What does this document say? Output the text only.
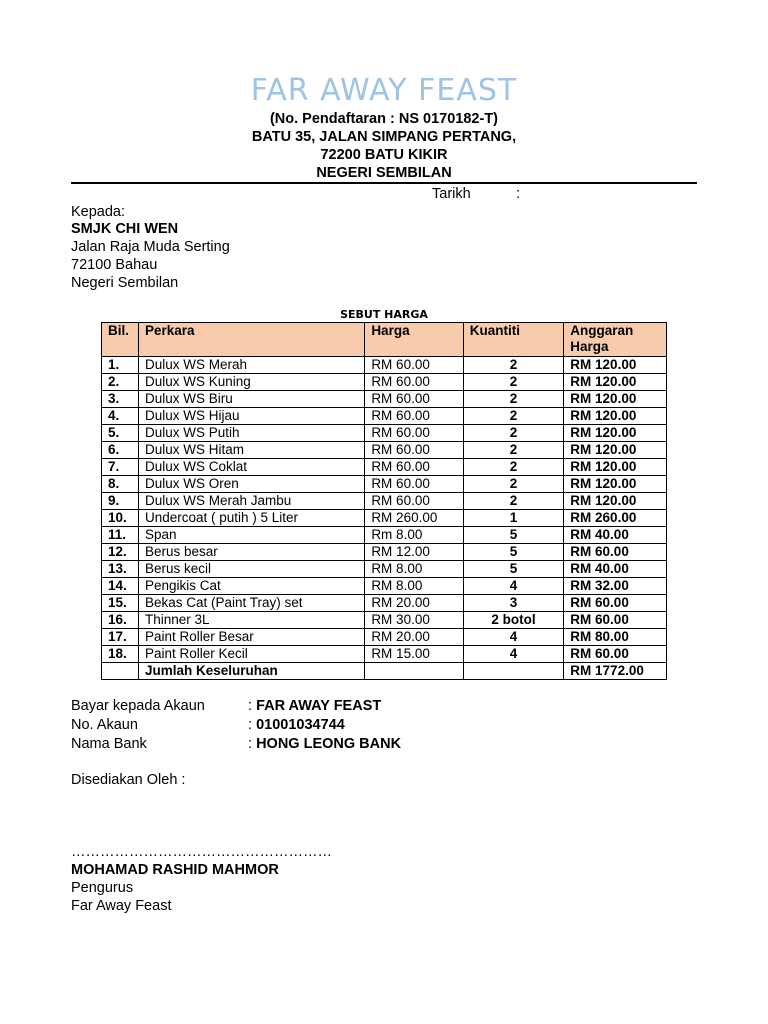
FAR AWAY FEAST
(No. Pendaftaran : NS 0170182-T)
BATU 35, JALAN SIMPANG PERTANG,
72200 BATU KIKIR
NEGERI SEMBILAN
Tarikh	:
Kepada:
SMJK CHI WEN
Jalan Raja Muda Serting
72100 Bahau
Negeri Sembilan
SEBUT HARGA
Bil.	Perkara	Harga	Kuantiti	Anggaran Harga
1.	Dulux WS Merah	RM 60.00	2	RM 120.00
2.	Dulux WS Kuning	RM 60.00	2	RM 120.00
3.	Dulux WS Biru	RM 60.00	2	RM 120.00
4.	Dulux WS Hijau	RM 60.00	2	RM 120.00
5.	Dulux WS Putih	RM 60.00	2	RM 120.00
6.	Dulux WS Hitam	RM 60.00	2	RM 120.00
7.	Dulux WS Coklat	RM 60.00	2	RM 120.00
8.	Dulux WS Oren	RM 60.00	2	RM 120.00
9.	Dulux WS Merah Jambu	RM 60.00	2	RM 120.00
10.	Undercoat ( putih ) 5 Liter	RM 260.00	1	RM 260.00
11.	Span	Rm 8.00	5	RM 40.00
12.	Berus besar	RM 12.00	5	RM 60.00
13.	Berus kecil	RM 8.00	5	RM 40.00
14.	Pengikis Cat	RM 8.00	4	RM 32.00
15.	Bekas Cat (Paint Tray) set	RM 20.00	3	RM 60.00
16.	Thinner 3L	RM 30.00	2 botol	RM 60.00
17.	Paint Roller Besar	RM 20.00	4	RM 80.00
18.	Paint Roller Kecil	RM 15.00	4	RM 60.00
	Jumlah Keseluruhan			RM 1772.00
Bayar kepada Akaun	: FAR AWAY FEAST
No. Akaun	: 01001034744
Nama Bank	: HONG LEONG BANK
Disediakan Oleh :
………………………………………………
MOHAMAD RASHID MAHMOR
Pengurus
Far Away Feast
